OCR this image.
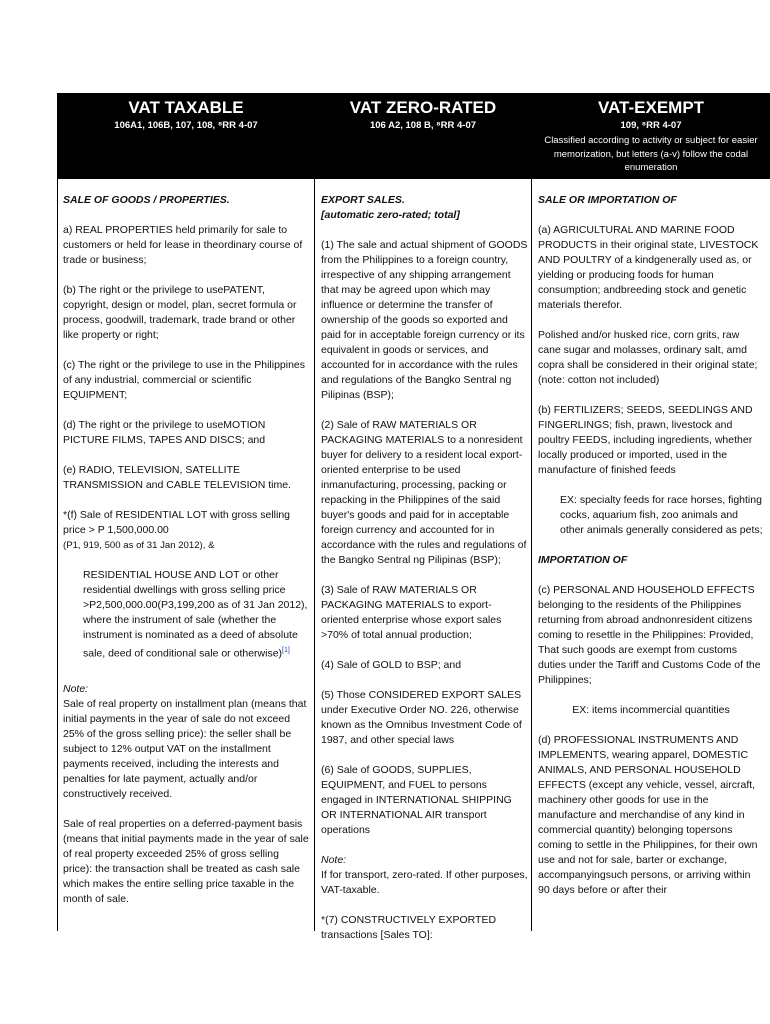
VAT TAXABLE
106A1, 106B, 107, 108, ⁸RR 4-07
VAT ZERO-RATED
106 A2, 108 B, ⁸RR 4-07
VAT-EXEMPT
109, ⁸RR 4-07
Classified according to activity or subject for easier memorization, but letters (a-v) follow the codal enumeration

SALE OF GOODS / PROPERTIES.

a) REAL PROPERTIES held primarily for sale to customers or held for lease in theordinary course of trade or business;

(b) The right or the privilege to usePATENT, copyright, design or model, plan, secret formula or process, goodwill, trademark, trade brand or other like property or right;

(c) The right or the privilege to use in the Philippines of any industrial, commercial or scientific EQUIPMENT;

(d) The right or the privilege to useMOTION PICTURE FILMS, TAPES AND DISCS; and

(e) RADIO, TELEVISION, SATELLITE TRANSMISSION and CABLE TELEVISION time.

*(f) Sale of RESIDENTIAL LOT with gross selling price > P 1,500,000.00

(P1, 919, 500 as of 31 Jan 2012), &

RESIDENTIAL HOUSE AND LOT or other residential dwellings with gross selling price >P2,500,000.00(P3,199,200 as of 31 Jan 2012), where the instrument of sale (whether the instrument is nominated as a deed of absolute sale, deed of conditional sale or otherwise)[1]

Note:

Sale of real property on installment plan (means that initial payments in the year of sale do not exceed 25% of the gross selling price): the seller shall be subject to 12% output VAT on the installment payments received, including the interests and penalties for late payment, actually and/or constructively received.

Sale of real properties on a deferred-payment basis (means that initial payments made in the year of sale of real property exceeded 25% of gross selling price): the transaction shall be treated as cash sale which makes the entire selling price taxable in the month of sale.

EXPORT SALES.

[automatic zero-rated; total]

(1) The sale and actual shipment of GOODS from the Philippines to a foreign country, irrespective of any shipping arrangement that may be agreed upon which may influence or determine the transfer of ownership of the goods so exported and paid for in acceptable foreign currency or its equivalent in goods or services, and accounted for in accordance with the rules and regulations of the Bangko Sentral ng Pilipinas (BSP);

(2) Sale of RAW MATERIALS OR PACKAGING MATERIALS to a nonresident buyer for delivery to a resident local export-oriented enterprise to be used inmanufacturing, processing, packing or repacking in the Philippines of the said buyer's goods and paid for in acceptable foreign currency and accounted for in accordance with the rules and regulations of the Bangko Sentral ng Pilipinas (BSP);

(3) Sale of RAW MATERIALS OR PACKAGING MATERIALS to export-oriented enterprise whose export sales >70% of total annual production;

(4) Sale of GOLD to BSP; and

(5) Those CONSIDERED EXPORT SALES under Executive Order NO. 226, otherwise known as the Omnibus Investment Code of 1987, and other special laws

(6) Sale of GOODS, SUPPLIES, EQUIPMENT, and FUEL to persons engaged in INTERNATIONAL SHIPPING OR INTERNATIONAL AIR transport operations

Note:

If for transport, zero-rated. If other purposes, VAT-taxable.

*(7) CONSTRUCTIVELY EXPORTED transactions [Sales TO]:

SALE OR IMPORTATION OF

(a) AGRICULTURAL AND MARINE FOOD PRODUCTS in their original state, LIVESTOCK AND POULTRY of a kindgenerally used as, or yielding or producing foods for human consumption; andbreeding stock and genetic materials therefor.

Polished and/or husked rice, corn grits, raw cane sugar and molasses, ordinary salt, amd copra shall be considered in their original state; (note: cotton not included)

(b) FERTILIZERS; SEEDS, SEEDLINGS AND FINGERLINGS; fish, prawn, livestock and poultry FEEDS, including ingredients, whether locally produced or imported, used in the manufacture of finished feeds

EX: specialty feeds for race horses, fighting cocks, aquarium fish, zoo animals and other animals generally considered as pets;

IMPORTATION OF

(c) PERSONAL AND HOUSEHOLD EFFECTS belonging to the residents of the Philippines returning from abroad andnonresident citizens coming to resettle in the Philippines: Provided, That such goods are exempt from customs duties under the Tariff and Customs Code of the Philippines;

EX: items incommercial quantities

(d) PROFESSIONAL INSTRUMENTS AND IMPLEMENTS, wearing apparel, DOMESTIC ANIMALS, AND PERSONAL HOUSEHOLD EFFECTS (except any vehicle, vessel, aircraft, machinery other goods for use in the manufacture and merchandise of any kind in commercial quantity) belonging topersons coming to settle in the Philippines, for their own use and not for sale, barter or exchange, accompanyingsuch persons, or arriving within 90 days before or after their
